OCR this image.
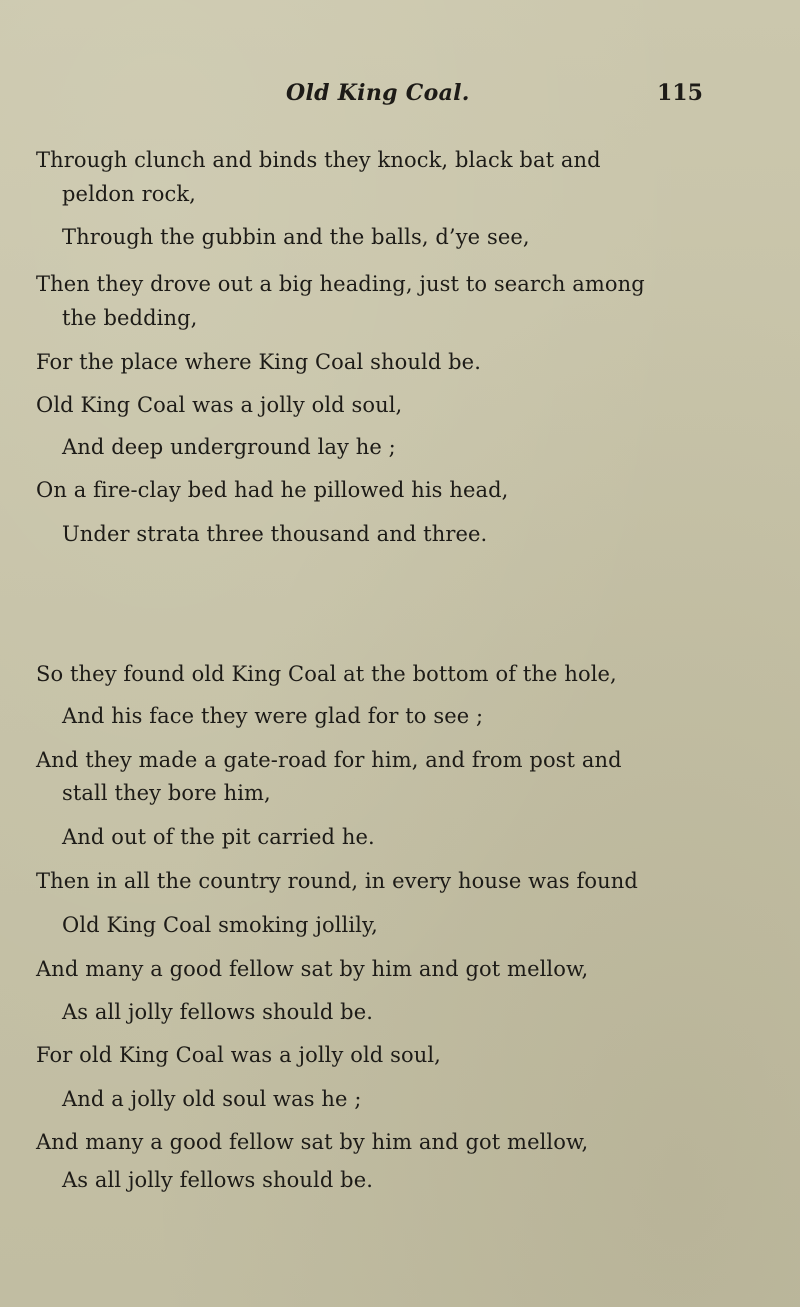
Old King Coal.	115
Through clunch and binds they knock, black bat and
peldon rock,
Through the gubbin and the balls, d’ye see,
Then they drove out a big heading, just to search among
the bedding,
For the place where King Coal should be.
Old King Coal was a jolly old soul,
And deep underground lay he ;
On a fire-clay bed had he pillowed his head,
Under strata three thousand and three.
So they found old King Coal at the bottom of the hole,
And his face they were glad for to see ;
And they made a gate-road for him, and from post and
stall they bore him,
And out of the pit carried he.
Then in all the country round, in every house was found
Old King Coal smoking jollily,
And many a good fellow sat by him and got mellow,
As all jolly fellows should be.
For old King Coal was a jolly old soul,
And a jolly old soul was he ;
And many a good fellow sat by him and got mellow,
As all jolly fellows should be.
